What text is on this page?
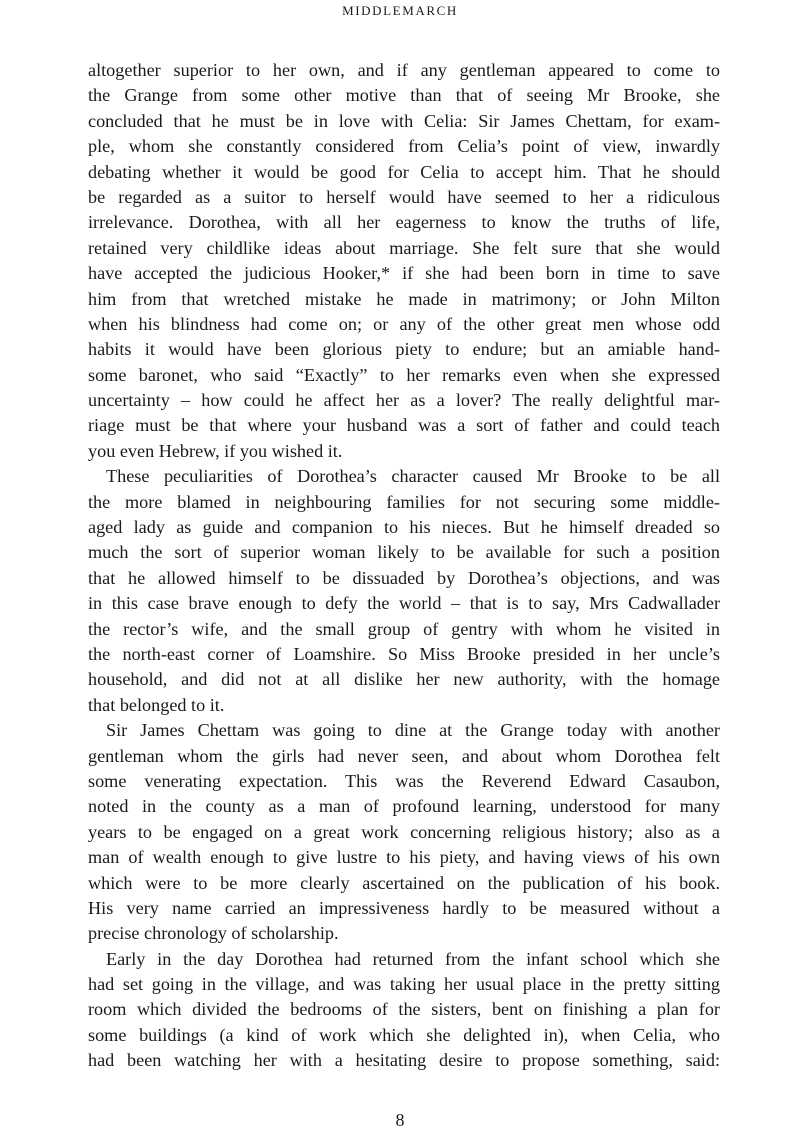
MIDDLEMARCH
altogether superior to her own, and if any gentleman appeared to come to
the Grange from some other motive than that of seeing Mr Brooke, she
concluded that he must be in love with Celia: Sir James Chettam, for exam-
ple, whom she constantly considered from Celia’s point of view, inwardly
debating whether it would be good for Celia to accept him. That he should
be regarded as a suitor to herself would have seemed to her a ridiculous
irrelevance. Dorothea, with all her eagerness to know the truths of life,
retained very childlike ideas about marriage. She felt sure that she would
have accepted the judicious Hooker,* if she had been born in time to save
him from that wretched mistake he made in matrimony; or John Milton
when his blindness had come on; or any of the other great men whose odd
habits it would have been glorious piety to endure; but an amiable hand-
some baronet, who said “Exactly” to her remarks even when she expressed
uncertainty – how could he affect her as a lover? The really delightful mar-
riage must be that where your husband was a sort of father and could teach
you even Hebrew, if you wished it.
These peculiarities of Dorothea’s character caused Mr Brooke to be all
the more blamed in neighbouring families for not securing some middle-
aged lady as guide and companion to his nieces. But he himself dreaded so
much the sort of superior woman likely to be available for such a position
that he allowed himself to be dissuaded by Dorothea’s objections, and was
in this case brave enough to defy the world – that is to say, Mrs Cadwallader
the rector’s wife, and the small group of gentry with whom he visited in
the north-east corner of Loamshire. So Miss Brooke presided in her uncle’s
household, and did not at all dislike her new authority, with the homage
that belonged to it.
Sir James Chettam was going to dine at the Grange today with another
gentleman whom the girls had never seen, and about whom Dorothea felt
some venerating expectation. This was the Reverend Edward Casaubon,
noted in the county as a man of profound learning, understood for many
years to be engaged on a great work concerning religious history; also as a
man of wealth enough to give lustre to his piety, and having views of his own
which were to be more clearly ascertained on the publication of his book.
His very name carried an impressiveness hardly to be measured without a
precise chronology of scholarship.
Early in the day Dorothea had returned from the infant school which she
had set going in the village, and was taking her usual place in the pretty sitting
room which divided the bedrooms of the sisters, bent on finishing a plan for
some buildings (a kind of work which she delighted in), when Celia, who
had been watching her with a hesitating desire to propose something, said:
8
